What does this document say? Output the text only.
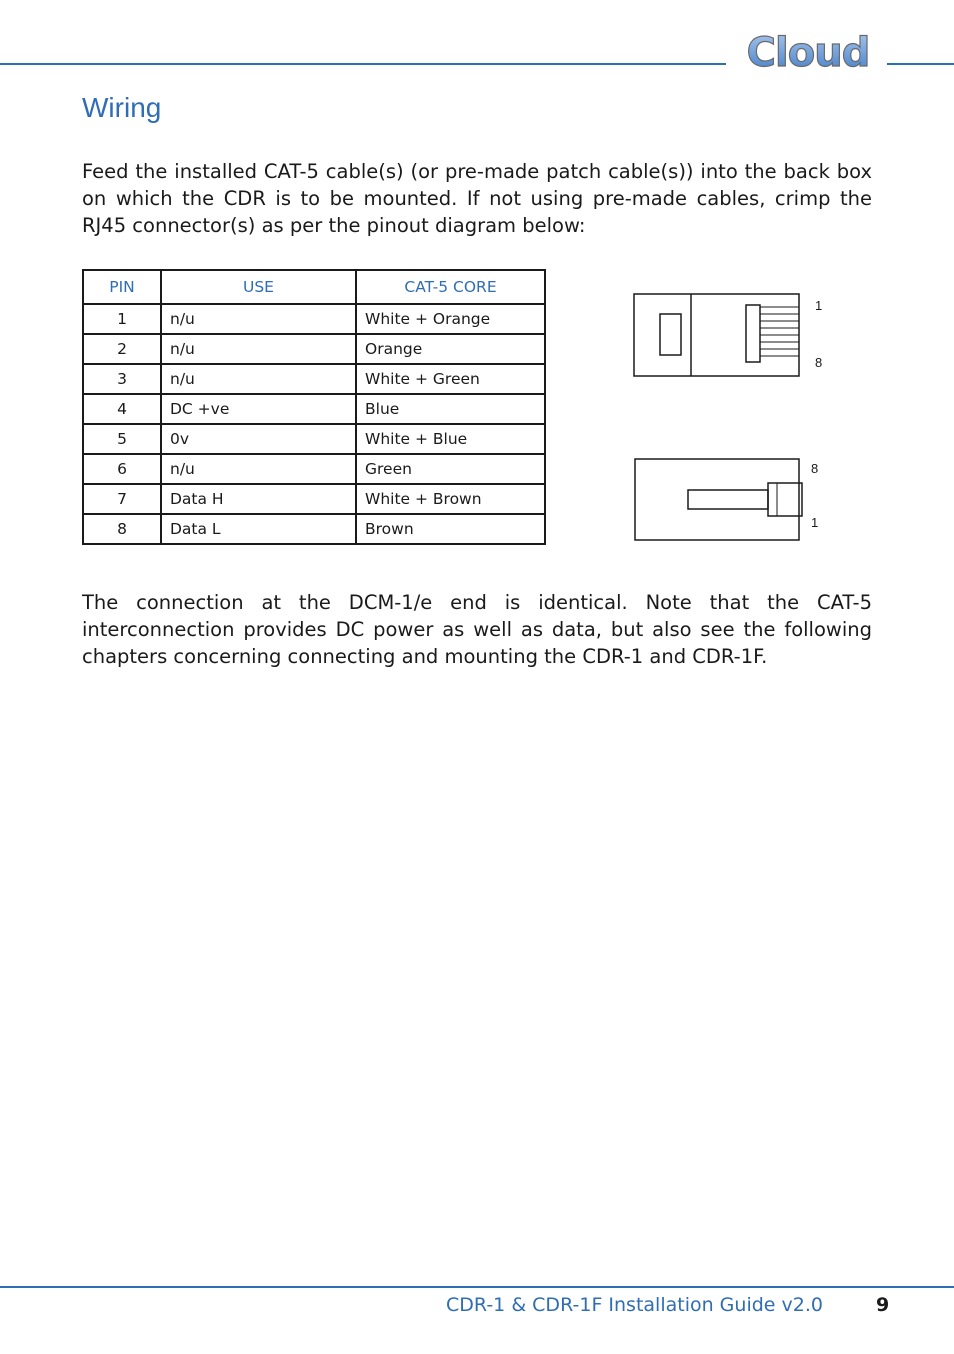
Cloud
Wiring

Feed the installed CAT-5 cable(s) (or pre-made patch cable(s)) into the back box on which the CDR is to be mounted. If not using pre-made cables, crimp the RJ45 connector(s) as per the pinout diagram below:

PIN	USE	CAT-5 CORE
1	n/u	White + Orange
2	n/u	Orange
3	n/u	White + Green
4	DC +ve	Blue
5	0v	White + Blue
6	n/u	Green
7	Data H	White + Brown
8	Data L	Brown
1
8
8
1

The connection at the DCM-1/e end is identical. Note that the CAT-5 interconnection provides DC power as well as data, but also see the following chapters concerning connecting and mounting the CDR-1 and CDR-1F.

CDR-1 & CDR-1F Installation Guide v2.0	9
